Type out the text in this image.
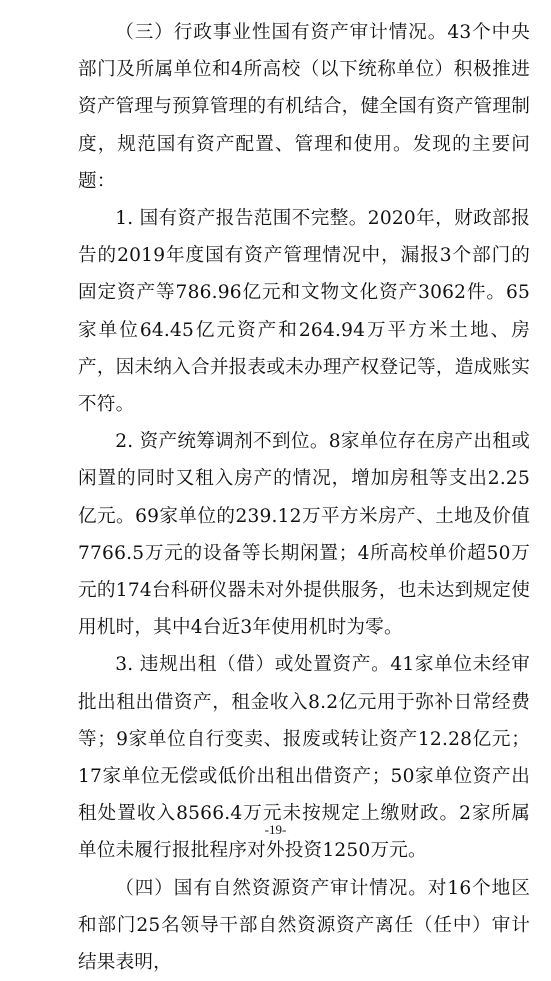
（三）行政事业性国有资产审计情况。43个中央部门及所属单位和4所高校（以下统称单位）积极推进资产管理与预算管理的有机结合，健全国有资产管理制度，规范国有资产配置、管理和使用。发现的主要问题：

1. 国有资产报告范围不完整。2020年，财政部报告的2019年度国有资产管理情况中，漏报3个部门的固定资产等786.96亿元和文物文化资产3062件。65家单位64.45亿元资产和264.94万平方米土地、房产，因未纳入合并报表或未办理产权登记等，造成账实不符。

2. 资产统筹调剂不到位。8家单位存在房产出租或闲置的同时又租入房产的情况，增加房租等支出2.25亿元。69家单位的239.12万平方米房产、土地及价值7766.5万元的设备等长期闲置；4所高校单价超50万元的174台科研仪器未对外提供服务，也未达到规定使用机时，其中4台近3年使用机时为零。

3. 违规出租（借）或处置资产。41家单位未经审批出租出借资产，租金收入8.2亿元用于弥补日常经费等；9家单位自行变卖、报废或转让资产12.28亿元；17家单位无偿或低价出租出借资产；50家单位资产出租处置收入8566.4万元未按规定上缴财政。2家所属单位未履行报批程序对外投资1250万元。

（四）国有自然资源资产审计情况。对16个地区和部门25名领导干部自然资源资产离任（任中）审计结果表明，

-19-
